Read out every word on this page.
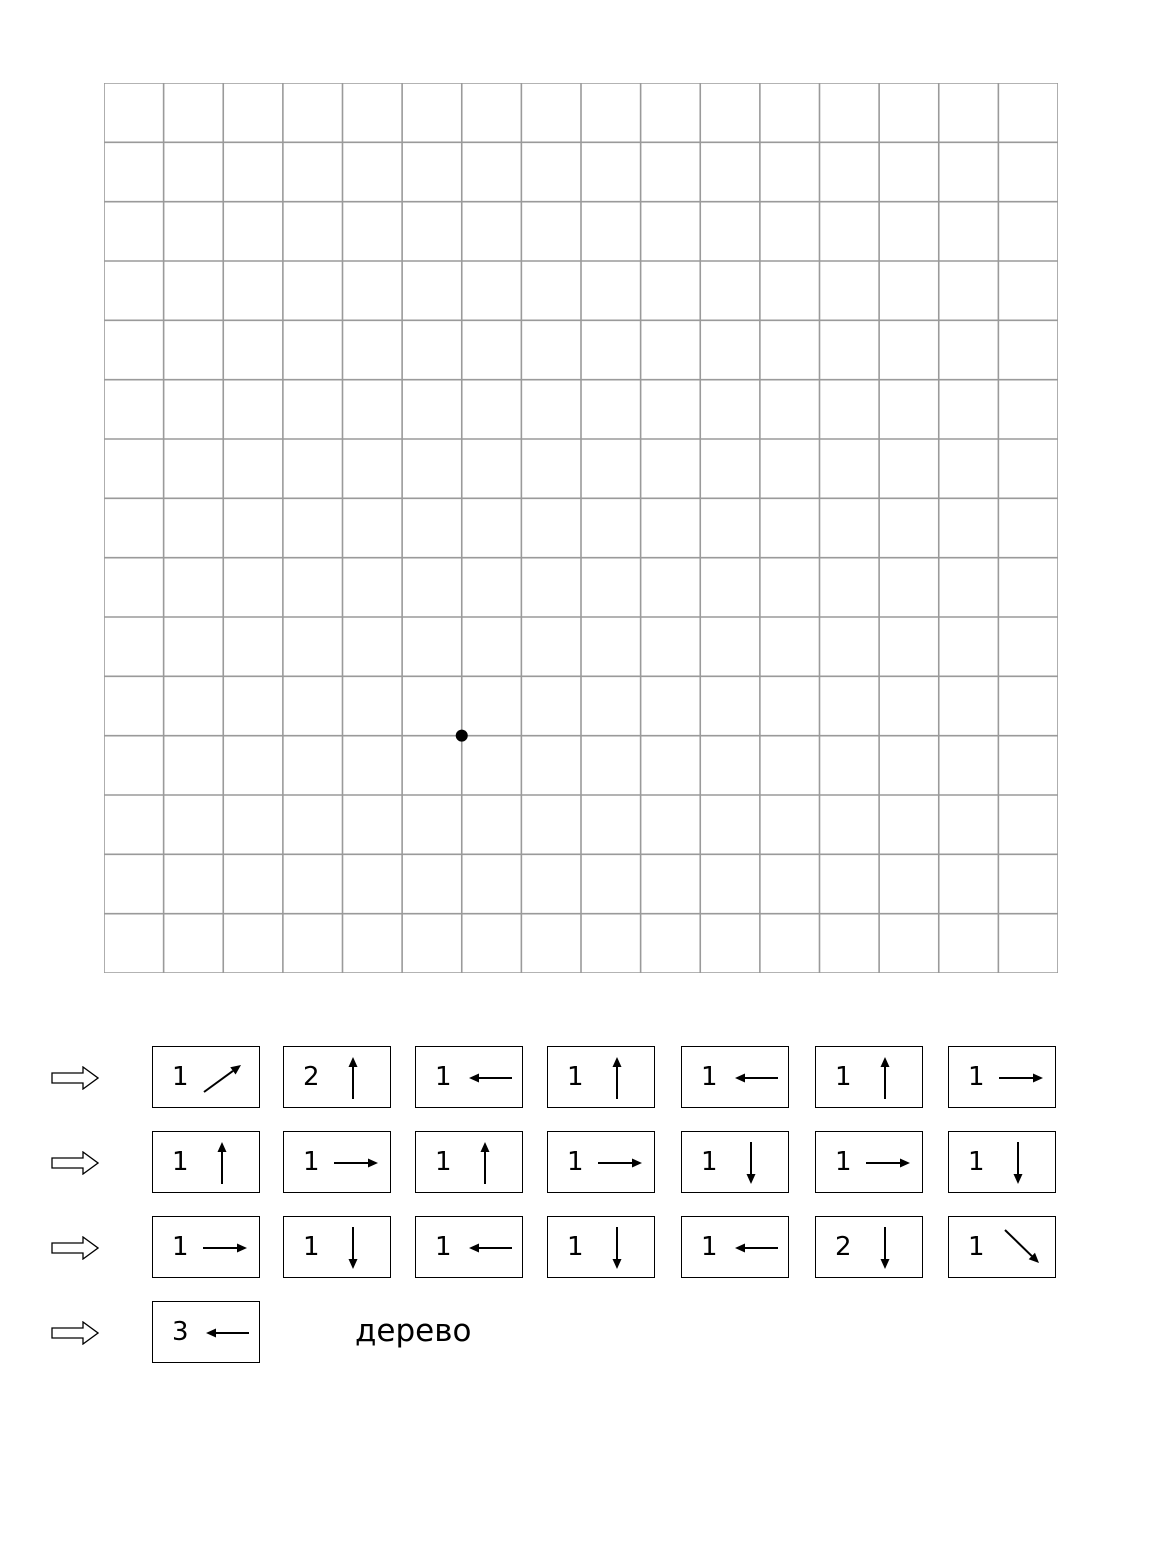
1	2	1	1	1	1	1
1	1	1	1	1	1	1
1	1	1	1	1	2	1
3	дерево
